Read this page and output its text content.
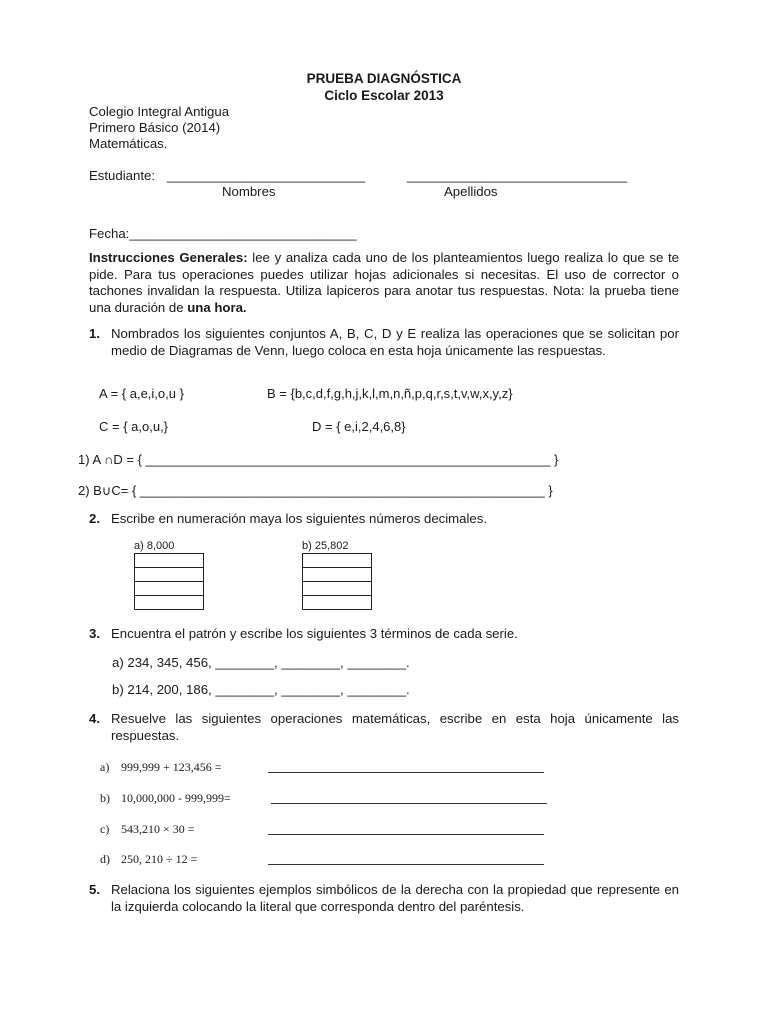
PRUEBA DIAGNÓSTICA
Ciclo Escolar 2013
Colegio Integral Antigua
Primero Básico (2014)
Matemáticas.
Estudiante: ___________________________	______________________________
Nombres	Apellidos
Fecha:_______________________________
Instrucciones Generales: lee y analiza cada uno de los planteamientos luego realiza lo que se te pide. Para tus operaciones puedes utilizar hojas adicionales si necesitas. El uso de corrector o tachones invalidan la respuesta. Utiliza lapiceros para anotar tus respuestas. Nota: la prueba tiene una duración de una hora.
1. Nombrados los siguientes conjuntos A, B, C, D y E realiza las operaciones que se solicitan por medio de Diagramas de Venn, luego coloca en esta hoja únicamente las respuestas.
A = { a,e,i,o,u }	B = {b,c,d,f,g,h,j,k,l,m,n,ñ,p,q,r,s,t,v,w,x,y,z}
C = { a,o,u,}	D = { e,i,2,4,6,8}
1) A ∩D = { ________________________________________________________ }
2) B∪C= { ________________________________________________________ }
2. Escribe en numeración maya los siguientes números decimales.
a) 8,000	b) 25,802

3. Encuentra el patrón y escribe los siguientes 3 términos de cada serie.
a) 234, 345, 456, ________, ________, ________.
b) 214, 200, 186, ________, ________, ________.
4. Resuelve las siguientes operaciones matemáticas, escribe en esta hoja únicamente las respuestas.
a) 999,999 + 123,456 =
b) 10,000,000 - 999,999=
c) 543,210 × 30 =
d) 250, 210 ÷ 12 =
5. Relaciona los siguientes ejemplos simbólicos de la derecha con la propiedad que represente en la izquierda colocando la literal que corresponda dentro del paréntesis.
